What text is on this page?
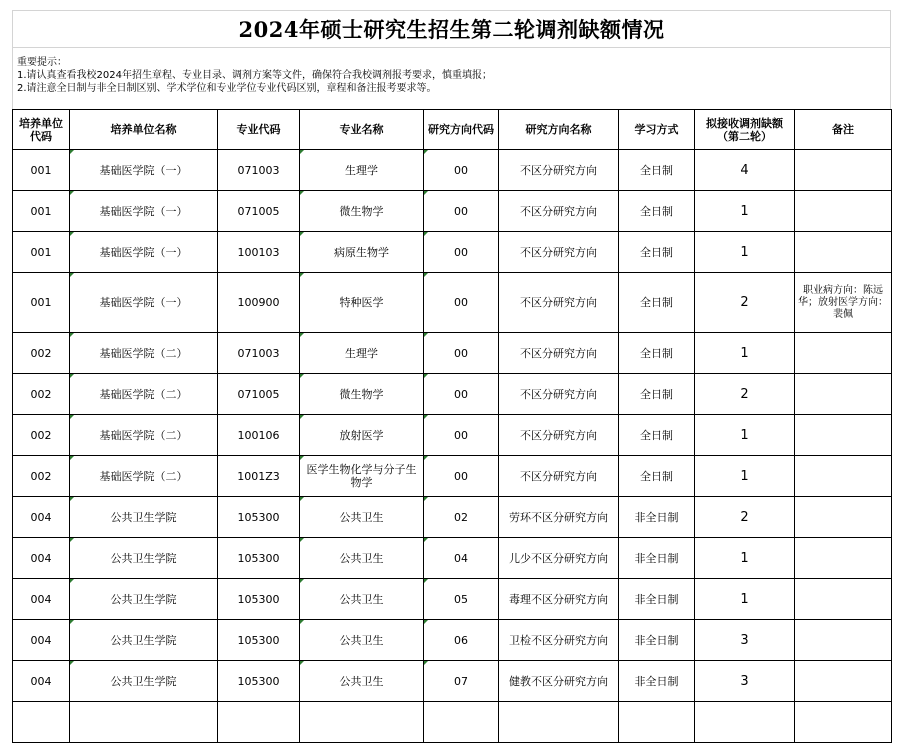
2024年硕士研究生招生第二轮调剂缺额情况
重要提示：
1.请认真查看我校2024年招生章程、专业目录、调剂方案等文件，确保符合我校调剂报考要求，慎重填报；
2.请注意全日制与非全日制区别、学术学位和专业学位专业代码区别，章程和备注报考要求等。
培养单位代码	培养单位名称	专业代码	专业名称	研究方向代码	研究方向名称	学习方式	拟接收调剂缺额（第二轮）	备注
001	基础医学院（一）	071003	生理学	00	不区分研究方向	全日制	4	
001	基础医学院（一）	071005	微生物学	00	不区分研究方向	全日制	1	
001	基础医学院（一）	100103	病原生物学	00	不区分研究方向	全日制	1	
001	基础医学院（一）	100900	特种医学	00	不区分研究方向	全日制	2	职业病方向：陈远华；放射医学方向：裴佩
002	基础医学院（二）	071003	生理学	00	不区分研究方向	全日制	1	
002	基础医学院（二）	071005	微生物学	00	不区分研究方向	全日制	2	
002	基础医学院（二）	100106	放射医学	00	不区分研究方向	全日制	1	
002	基础医学院（二）	1001Z3	医学生物化学与分子生物学	00	不区分研究方向	全日制	1	
004	公共卫生学院	105300	公共卫生	02	劳环不区分研究方向	非全日制	2	
004	公共卫生学院	105300	公共卫生	04	儿少不区分研究方向	非全日制	1	
004	公共卫生学院	105300	公共卫生	05	毒理不区分研究方向	非全日制	1	
004	公共卫生学院	105300	公共卫生	06	卫检不区分研究方向	非全日制	3	
004	公共卫生学院	105300	公共卫生	07	健教不区分研究方向	非全日制	3	
